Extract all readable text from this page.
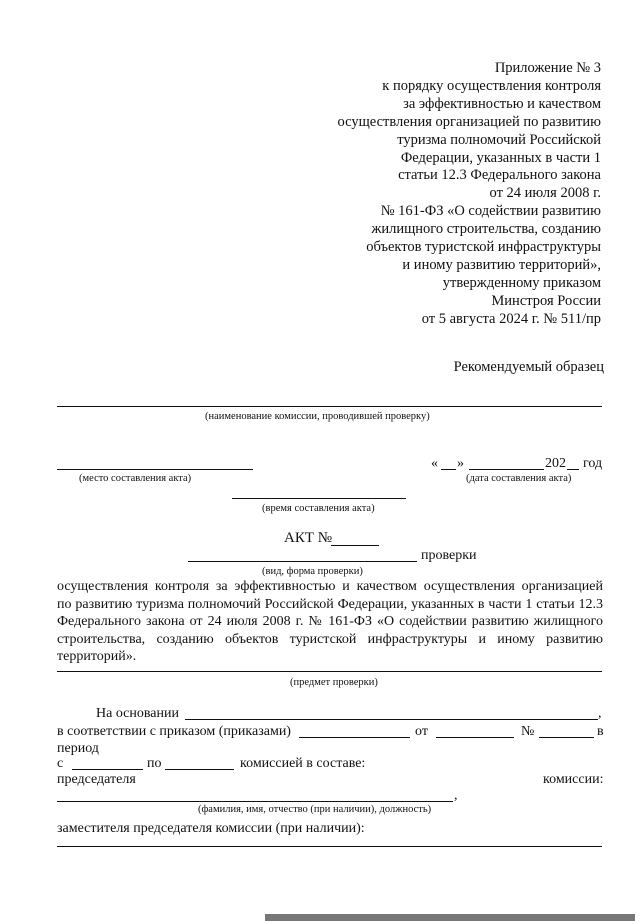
Приложение № 3
к порядку осуществления контроля
за эффективностью и качеством
осуществления организацией по развитию
туризма полномочий Российской
Федерации, указанных в части 1
статьи 12.3 Федерального закона
от 24 июля 2008 г.
№ 161-ФЗ «О содействии развитию
жилищного строительства, созданию
объектов туристской инфраструктуры
и иному развитию территорий»,
утвержденному приказом
Минстроя России
от 5 августа 2024 г. № 511/пр
Рекомендуемый образец
(наименование комиссии, проводившей проверку)
(место составления акта)
« »	202 год
(дата составления акта)
(время составления акта)
АКТ №
проверки
(вид, форма проверки)
осуществления контроля за эффективностью и качеством осуществления организацией
по развитию туризма полномочий Российской Федерации, указанных в части 1 статьи 12.3
Федерального закона от 24 июля 2008 г. № 161-ФЗ «О содействии развитию жилищного
строительства, созданию объектов туристской инфраструктуры и иному развитию
территорий».
(предмет проверки)
На основании	,
в соответствии с приказом (приказами)	от	№	в
период
с	по	комиссией в составе:
председателя	комиссии:
,
(фамилия, имя, отчество (при наличии), должность)
заместителя председателя комиссии (при наличии):
